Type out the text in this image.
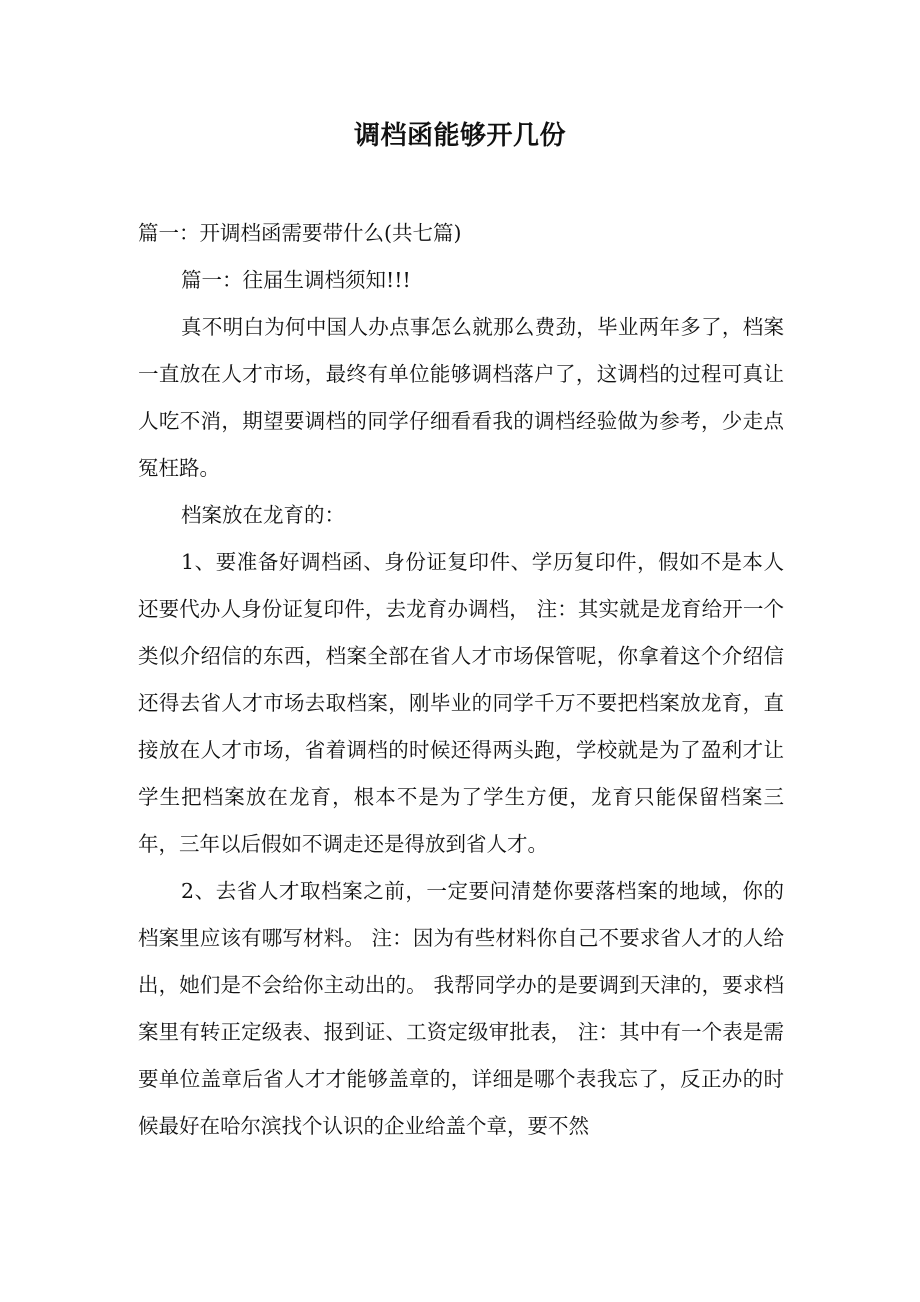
调档函能够开几份

篇一：开调档函需要带什么(共七篇)

篇一：往届生调档须知!!!

真不明白为何中国人办点事怎么就那么费劲，毕业两年多了，档案一直放在人才市场，最终有单位能够调档落户了，这调档的过程可真让人吃不消，期望要调档的同学仔细看看我的调档经验做为参考，少走点冤枉路。

档案放在龙育的：

1、要准备好调档函、身份证复印件、学历复印件，假如不是本人还要代办人身份证复印件，去龙育办调档， 注：其实就是龙育给开一个类似介绍信的东西，档案全部在省人才市场保管呢，你拿着这个介绍信还得去省人才市场去取档案，刚毕业的同学千万不要把档案放龙育，直接放在人才市场，省着调档的时候还得两头跑，学校就是为了盈利才让学生把档案放在龙育，根本不是为了学生方便，龙育只能保留档案三年，三年以后假如不调走还是得放到省人才。

2、去省人才取档案之前，一定要问清楚你要落档案的地域，你的档案里应该有哪写材料。 注：因为有些材料你自己不要求省人才的人给出，她们是不会给你主动出的。 我帮同学办的是要调到天津的，要求档案里有转正定级表、报到证、工资定级审批表， 注：其中有一个表是需要单位盖章后省人才才能够盖章的，详细是哪个表我忘了，反正办的时候最好在哈尔滨找个认识的企业给盖个章，要不然
